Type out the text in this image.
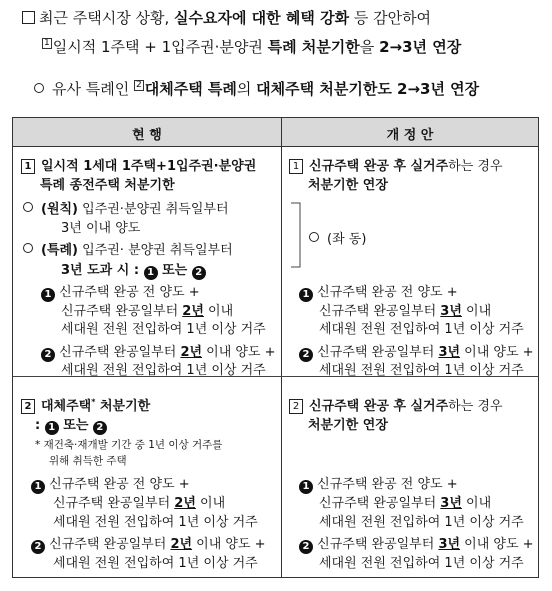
최근 주택시장 상황, 실수요자에 대한 혜택 강화 등 감안하여
1 일시적 1주택 + 1입주권·분양권 특례 처분기한을 2→3년 연장
유사 특례인 2 대체주택 특례의 대체주택 처분기한도 2→3년 연장
현 행	개 정 안
1 일시적 1세대 1주택+1입주권·분양권
특례 종전주택 처분기한
(원칙) 입주권·분양권 취득일부터
3년 이내 양도
(특례) 입주권· 분양권 취득일부터
3년 도과 시 : 1 또는 2
1 신규주택 완공 전 양도 +
신규주택 완공일부터 2년 이내
세대원 전원 전입하여 1년 이상 거주
2 신규주택 완공일부터 2년 이내 양도 +
세대원 전원 전입하여 1년 이상 거주
2 대체주택* 처분기한
: 1 또는 2
* 재건축·재개발 기간 중 1년 이상 거주를
위해 취득한 주택
1 신규주택 완공 전 양도 +
신규주택 완공일부터 2년 이내
세대원 전원 전입하여 1년 이상 거주
2 신규주택 완공일부터 2년 이내 양도 +
세대원 전원 전입하여 1년 이상 거주
1 신규주택 완공 후 실거주하는 경우
처분기한 연장
(좌 동)
1 신규주택 완공 전 양도 +
신규주택 완공일부터 3년 이내
세대원 전원 전입하여 1년 이상 거주
2 신규주택 완공일부터 3년 이내 양도 +
세대원 전원 전입하여 1년 이상 거주
2 신규주택 완공 후 실거주하는 경우
처분기한 연장
1 신규주택 완공 전 양도 +
신규주택 완공일부터 3년 이내
세대원 전원 전입하여 1년 이상 거주
2 신규주택 완공일부터 3년 이내 양도 +
세대원 전원 전입하여 1년 이상 거주
